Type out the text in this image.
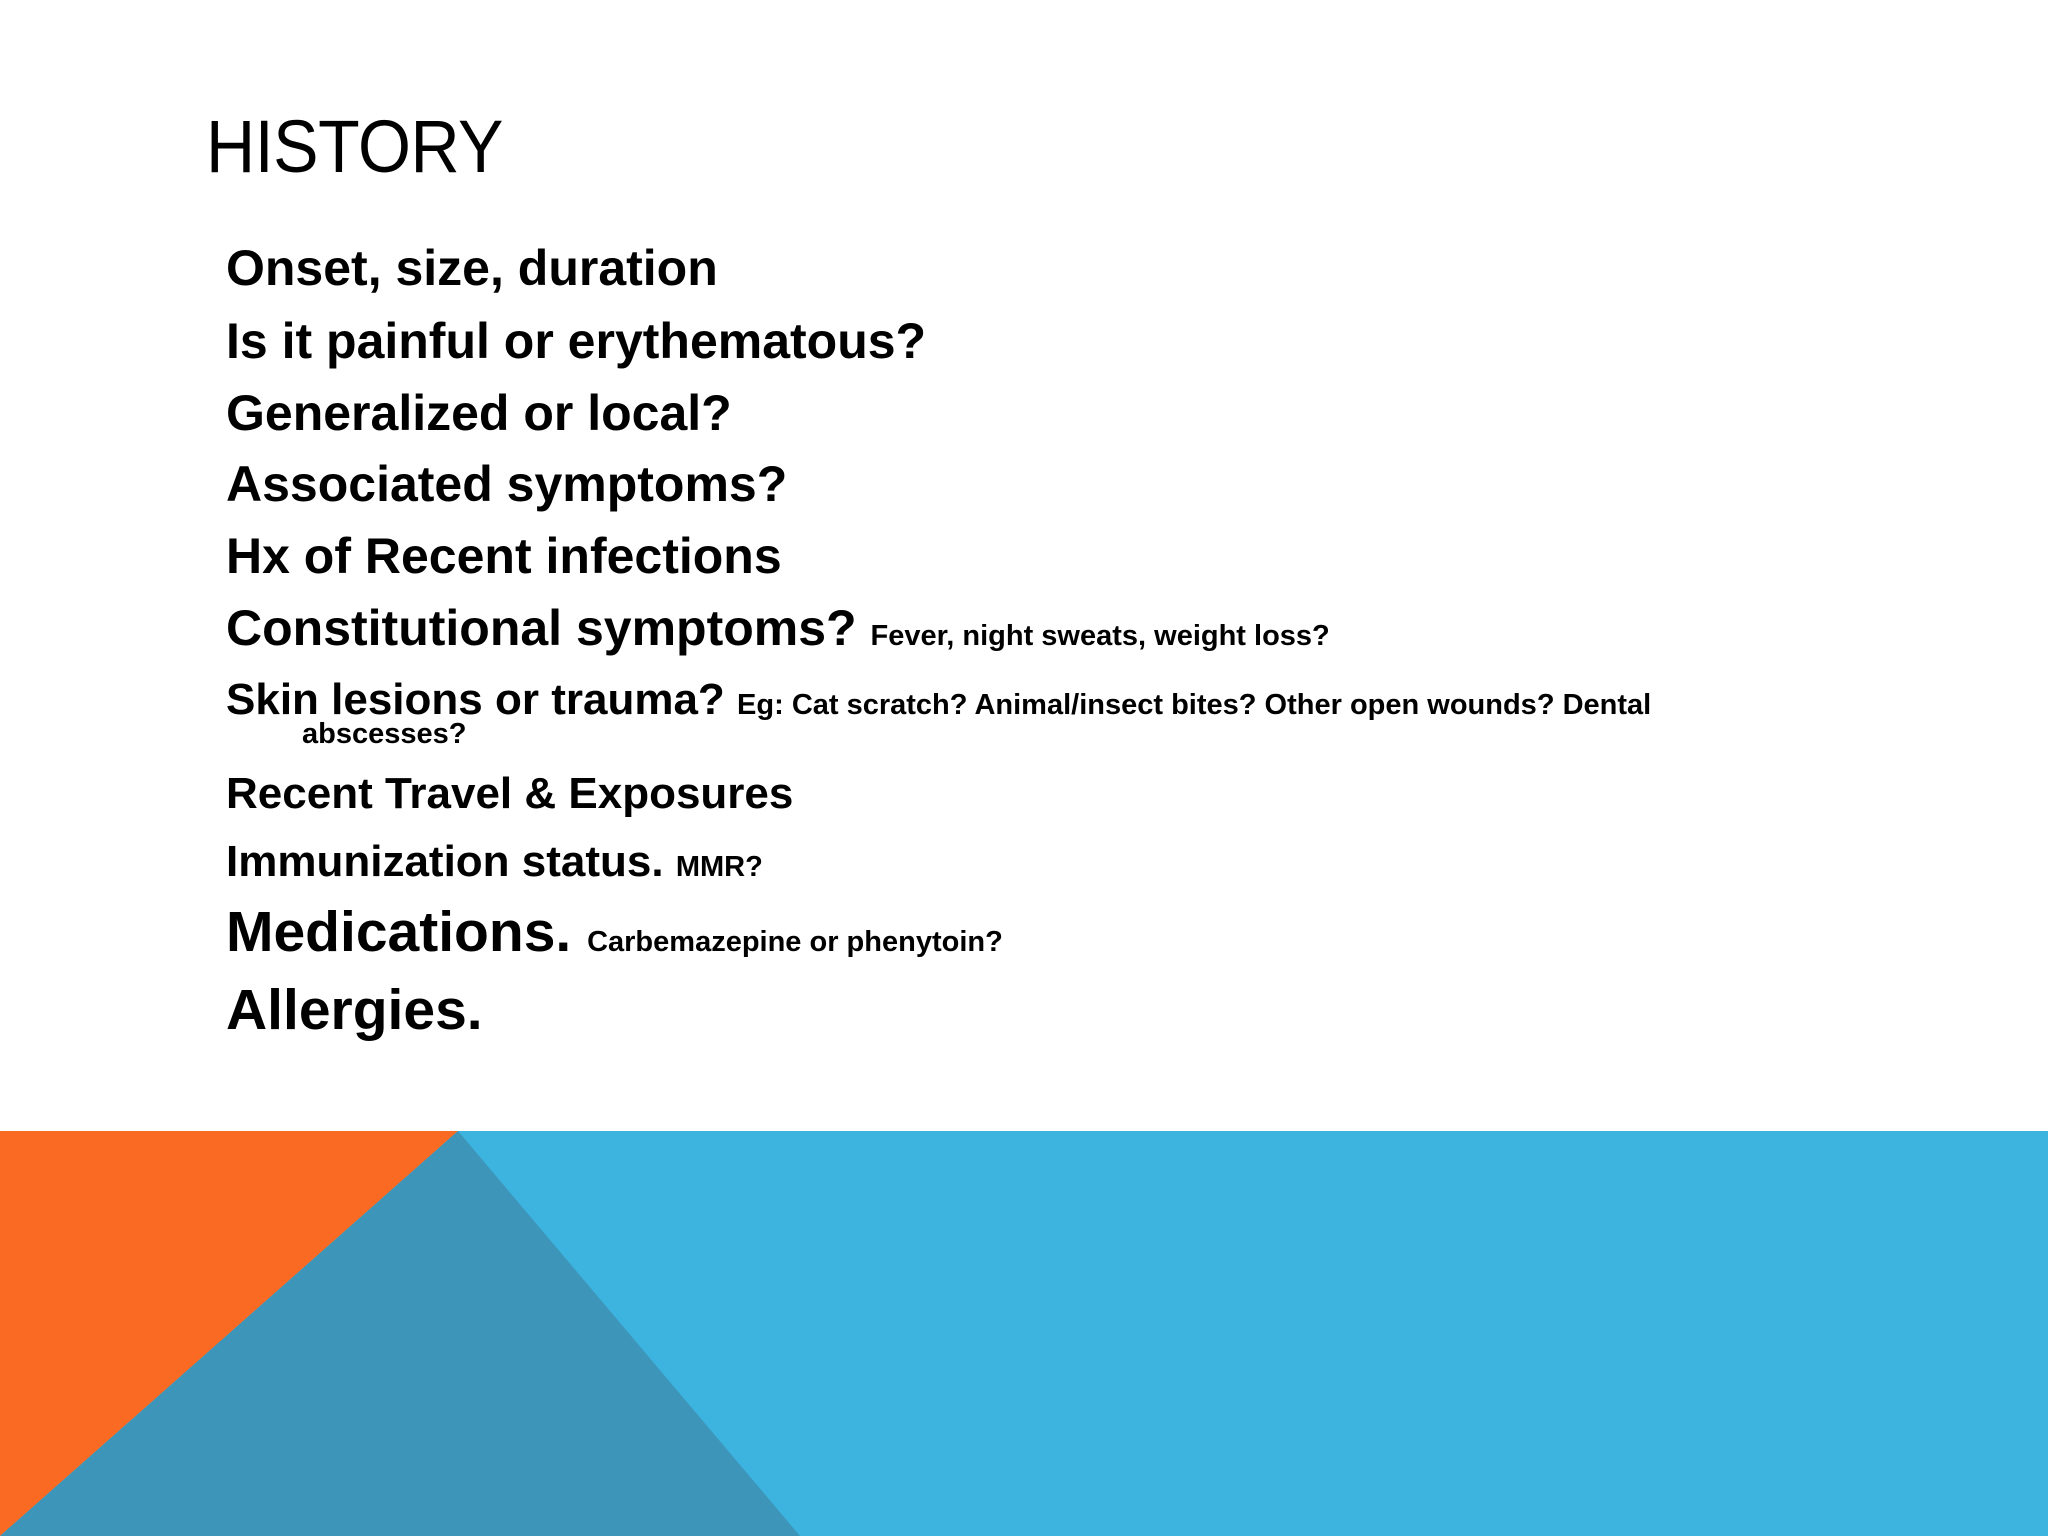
HISTORY
Onset, size, duration
Is it painful or erythematous?
Generalized or local?
Associated symptoms?
Hx of Recent infections
Constitutional symptoms? Fever, night sweats, weight loss?
Skin lesions or trauma? Eg: Cat scratch? Animal/insect bites? Other open wounds? Dental
abscesses?
Recent Travel & Exposures
Immunization status. MMR?
Medications. Carbemazepine or phenytoin?
Allergies.
